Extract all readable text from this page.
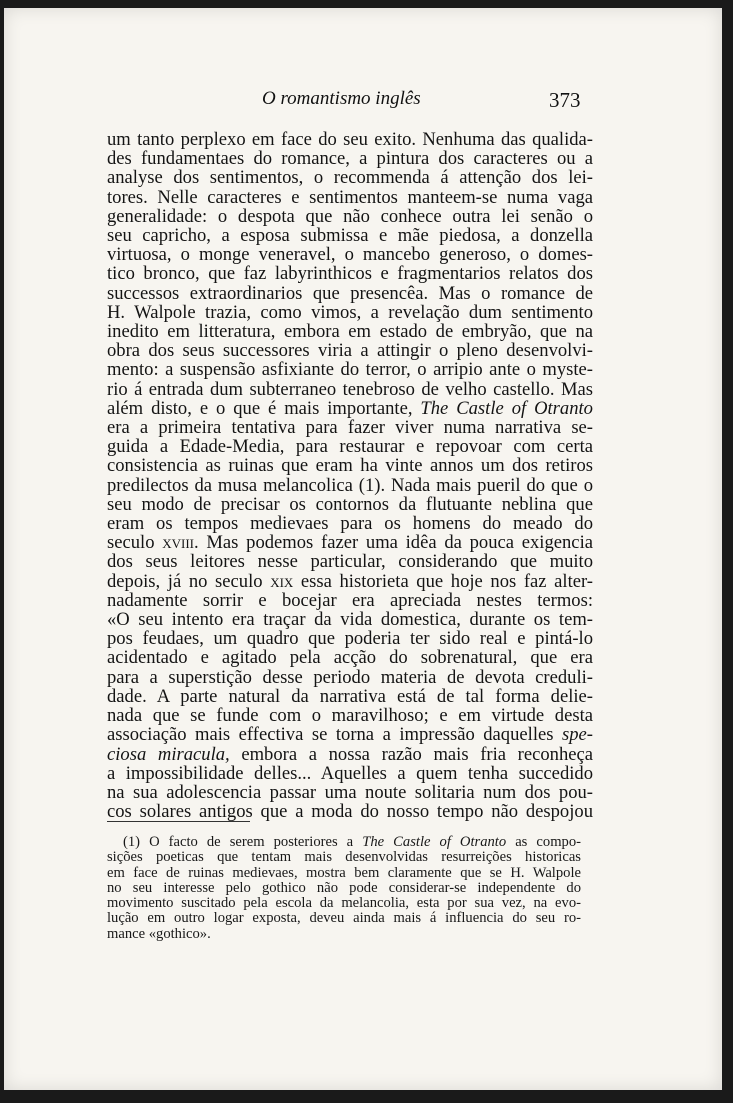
O romantismo inglês	373
um tanto perplexo em face do seu exito. Nenhuma das qualida-
des fundamentaes do romance, a pintura dos caracteres ou a
analyse dos sentimentos, o recommenda á attenção dos lei-
tores. Nelle caracteres e sentimentos manteem-se numa vaga
generalidade: o despota que não conhece outra lei senão o
seu capricho, a esposa submissa e mãe piedosa, a donzella
virtuosa, o monge veneravel, o mancebo generoso, o domes-
tico bronco, que faz labyrinthicos e fragmentarios relatos dos
successos extraordinarios que presencêa. Mas o romance de
H. Walpole trazia, como vimos, a revelação dum sentimento
inedito em litteratura, embora em estado de embryão, que na
obra dos seus successores viria a attingir o pleno desenvolvi-
mento: a suspensão asfixiante do terror, o arripio ante o myste-
rio á entrada dum subterraneo tenebroso de velho castello. Mas
além disto, e o que é mais importante, The Castle of Otranto
era a primeira tentativa para fazer viver numa narrativa se-
guida a Edade-Media, para restaurar e repovoar com certa
consistencia as ruinas que eram ha vinte annos um dos retiros
predilectos da musa melancolica (1). Nada mais pueril do que o
seu modo de precisar os contornos da flutuante neblina que
eram os tempos medievaes para os homens do meado do
seculo xviii. Mas podemos fazer uma idêa da pouca exigencia
dos seus leitores nesse particular, considerando que muito
depois, já no seculo xix essa historieta que hoje nos faz alter-
nadamente sorrir e bocejar era apreciada nestes termos:
«O seu intento era traçar da vida domestica, durante os tem-
pos feudaes, um quadro que poderia ter sido real e pintá-lo
acidentado e agitado pela acção do sobrenatural, que era
para a superstição desse periodo materia de devota creduli-
dade. A parte natural da narrativa está de tal forma delie-
nada que se funde com o maravilhoso; e em virtude desta
associação mais effectiva se torna a impressão daquelles spe-
ciosa miracula, embora a nossa razão mais fria reconheça
a impossibilidade delles... Aquelles a quem tenha succedido
na sua adolescencia passar uma noute solitaria num dos pou-
cos solares antigos que a moda do nosso tempo não despojou
(1) O facto de serem posteriores a The Castle of Otranto as compo-
sições poeticas que tentam mais desenvolvidas resurreições historicas
em face de ruinas medievaes, mostra bem claramente que se H. Walpole
no seu interesse pelo gothico não pode considerar-se independente do
movimento suscitado pela escola da melancolia, esta por sua vez, na evo-
lução em outro logar exposta, deveu ainda mais á influencia do seu ro-
mance «gothico».
